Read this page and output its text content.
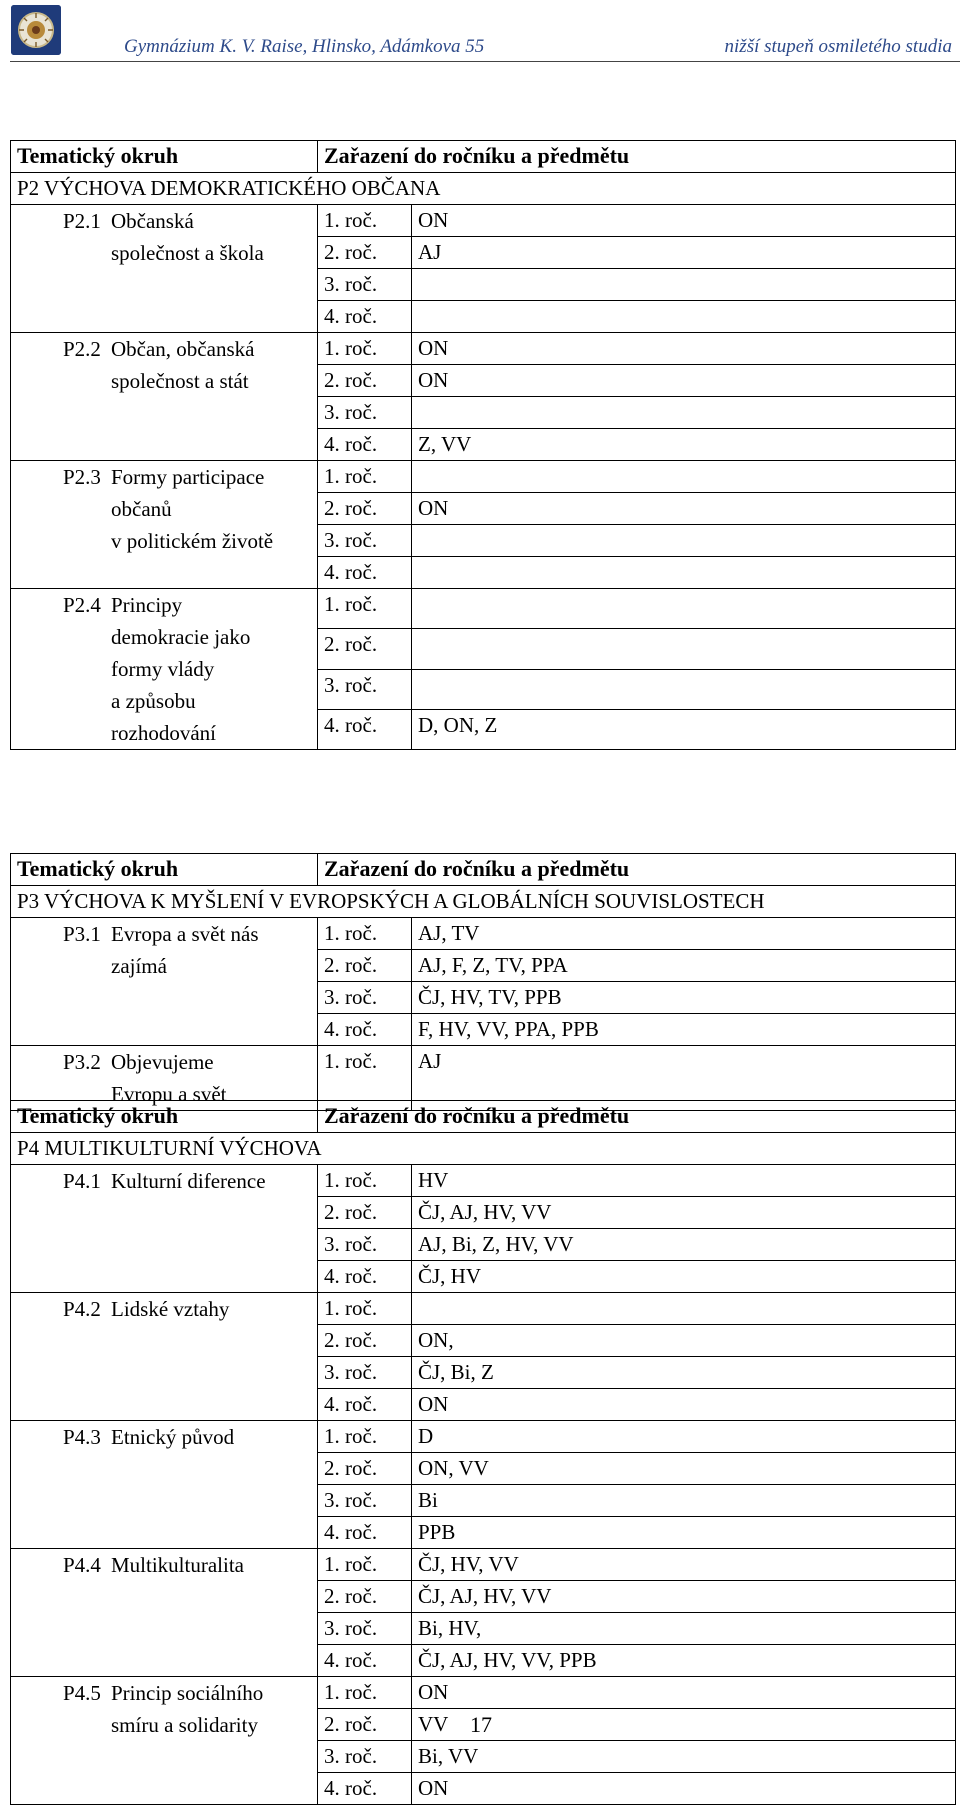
Gymnázium K. V. Raise, Hlinsko, Adámkova 55	nižší stupeň osmiletého studia
Tematický okruh	Zařazení do ročníku a předmětu	
P2 VÝCHOVA DEMOKRATICKÉHO OBČANA		

P2.1 Občanská
společnost a škola	1. roč.	ON
	2. roč.	AJ
	3. roč.	
	4. roč.	

P2.2 Občan, občanská
společnost a stát	1. roč.	ON
	2. roč.	ON
	3. roč.	
	4. roč.	Z, VV

P2.3 Formy participace
občanů
v politickém životě	1. roč.	
	2. roč.	ON
	3. roč.	
	4. roč.	

P2.4 Principy
demokracie jako
formy vlády
a způsobu
rozhodování	1. roč.	
	2. roč.	
	3. roč.	
	4. roč.	D, ON, Z
Tematický okruh	Zařazení do ročníku a předmětu	
P3 VÝCHOVA K MYŠLENÍ V EVROPSKÝCH A GLOBÁLNÍCH SOUVISLOSTECH		

P3.1 Evropa a svět nás
zajímá	1. roč.	AJ, TV
	2. roč.	AJ, F, Z, TV, PPA
	3. roč.	ČJ, HV, TV, PPB
	4. roč.	F, HV, VV, PPA, PPB

P3.2 Objevujeme
Evropu a svět	1. roč.	AJ
Tematický okruh	Zařazení do ročníku a předmětu	
P4 MULTIKULTURNÍ VÝCHOVA		

P4.1 Kulturní diference	1. roč.	HV
	2. roč.	ČJ, AJ, HV, VV
	3. roč.	AJ, Bi, Z, HV, VV
	4. roč.	ČJ, HV

P4.2 Lidské vztahy	1. roč.	
	2. roč.	ON,
	3. roč.	ČJ, Bi, Z
	4. roč.	ON

P4.3 Etnický původ	1. roč.	D
	2. roč.	ON, VV
	3. roč.	Bi
	4. roč.	PPB

P4.4 Multikulturalita	1. roč.	ČJ, HV, VV
	2. roč.	ČJ, AJ, HV, VV
	3. roč.	Bi, HV,
	4. roč.	ČJ, AJ, HV, VV, PPB

P4.5 Princip sociálního
smíru a solidarity	1. roč.	ON
	2. roč.	VV
	3. roč.	Bi, VV
	4. roč.	ON
17
